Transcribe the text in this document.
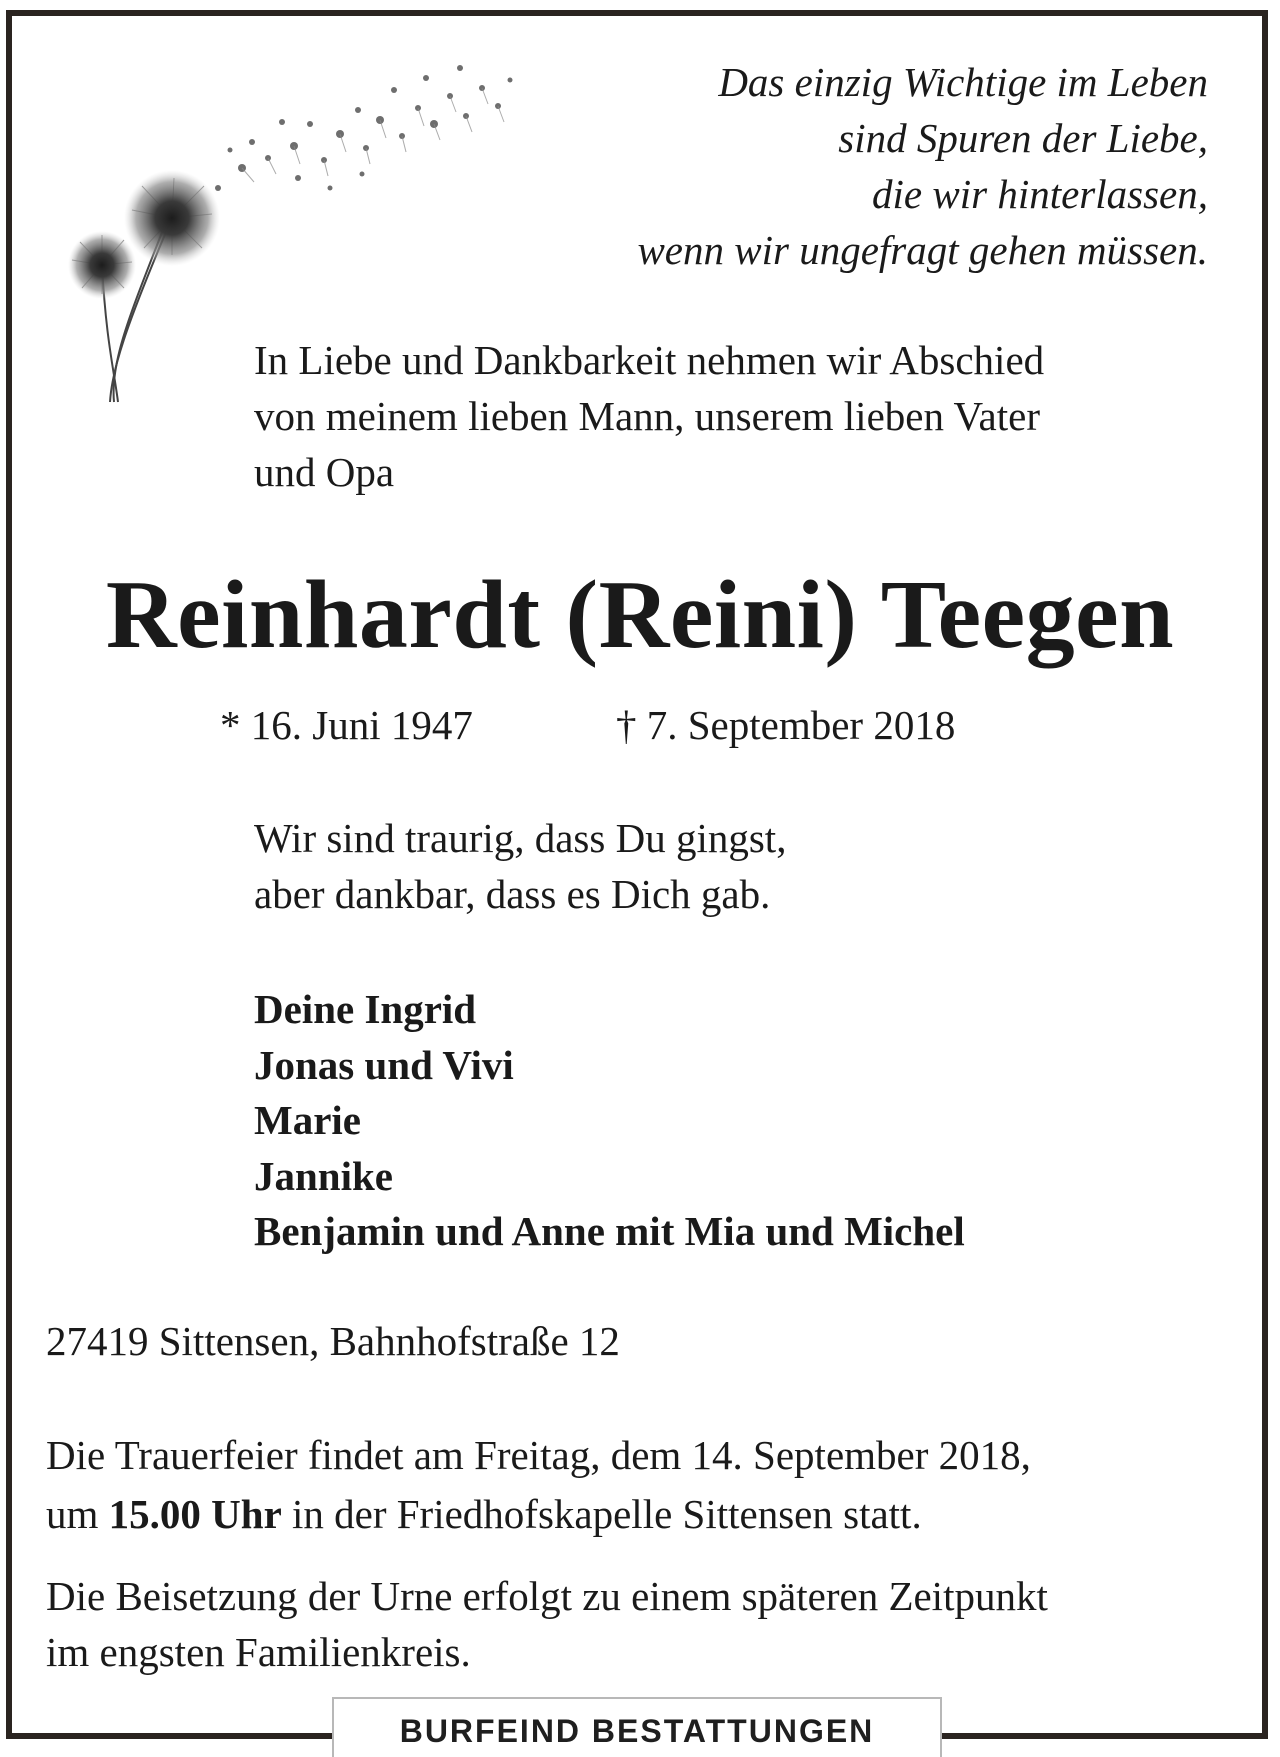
Das einzig Wichtige im Leben
sind Spuren der Liebe,
die wir hinterlassen,
wenn wir ungefragt gehen müssen.
In Liebe und Dankbarkeit nehmen wir Abschied
von meinem lieben Mann, unserem lieben Vater
und Opa
Reinhardt (Reini) Teegen
* 16. Juni 1947	† 7. September 2018
Wir sind traurig, dass Du gingst,
aber dankbar, dass es Dich gab.
Deine Ingrid
Jonas und Vivi
Marie
Jannike
Benjamin und Anne mit Mia und Michel
27419 Sittensen, Bahnhofstraße 12
Die Trauerfeier findet am Freitag, dem 14. September 2018,
um 15.00 Uhr in der Friedhofskapelle Sittensen statt.
Die Beisetzung der Urne erfolgt zu einem späteren Zeitpunkt
im engsten Familienkreis.
BURFEIND BESTATTUNGEN
